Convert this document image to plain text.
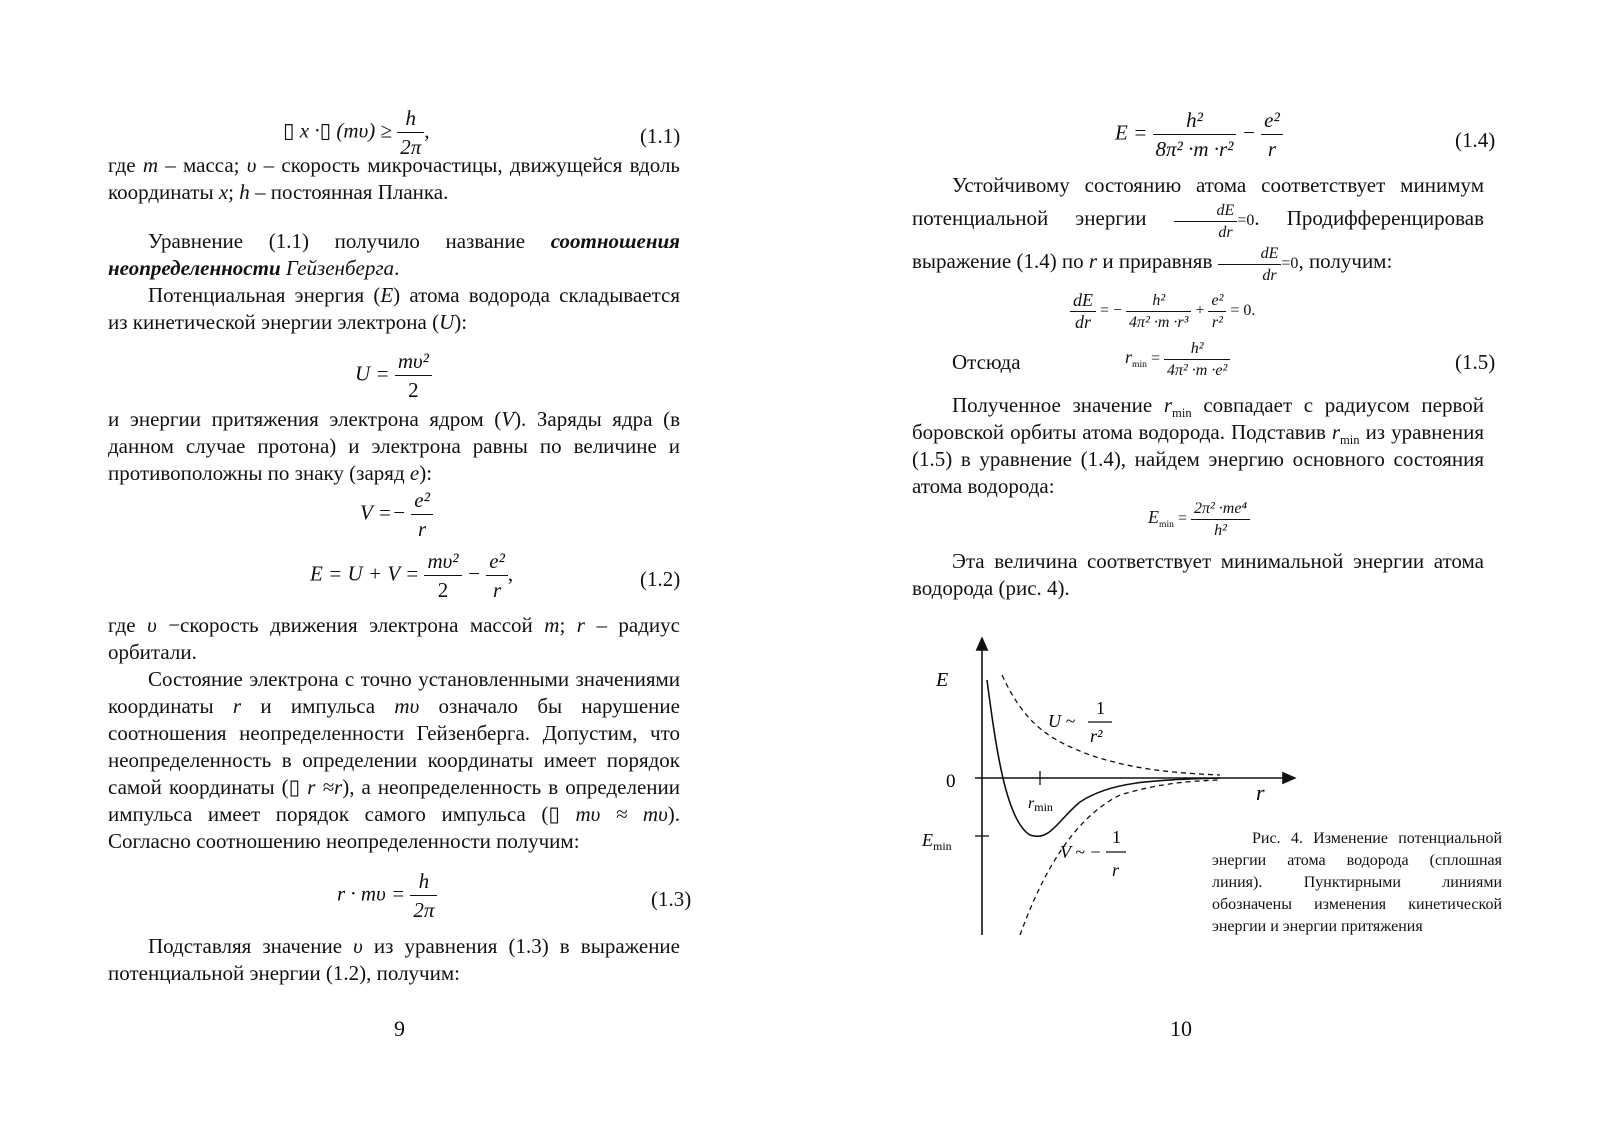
▯ x ·▯ $(m\upsilon) \ge \frac{h}{2\pi}$ ,	(1.1)

где m – масса; υ – скорость микрочастицы, движущейся вдоль координаты x; h – постоянная Планка.

Уравнение (1.1) получило название соотношения неопределенности Гейзенберга.

Потенциальная энергия (E) атома водорода складывается из кинетической энергии электрона (U):

$U = \frac{\text{mυ²}}{2}$

и энергии притяжения электрона ядром (V). Заряды ядра (в данном случае протона) и электрона равны по величине и противоположны по знаку (заряд e):

$V =- \frac{\text{e²}}{r}$
$E = U + V = \frac{\text{mυ²}}{2} - \frac{\text{e²}}{r}$ ,	(1.2)

где υ −скорость движения электрона массой m; r – радиус орбитали.

Состояние электрона с точно установленными значениями координаты r и импульса mυ означало бы нарушение соотношения неопределенности Гейзенберга. Допустим, что неопределенность в определении координаты имеет порядок самой координаты (▯ r ≈r), а неопределенность в определении импульса имеет порядок самого импульса (▯ mυ ≈ mυ). Согласно соотношению неопределенности получим:

$r \cdot m\upsilon = \frac{h}{2\pi}$	(1.3)

Подставляя значение υ из уравнения (1.3) в выражение потенциальной энергии (1.2), получим:

9
$E = \frac{\text{h²}}{\text{8π² ·m ·r²}} - \frac{\text{e²}}{r}$	(1.4)

Устойчивому состоянию атома соответствует минимум потенциальной энергии $\frac{dE}{dr} =0$. Продифференцировав выражение (1.4) по r и приравняв $\frac{dE}{dr} =0$, получим:

$\frac{dE}{dr}$ = − $\frac{\text{h²}}{\text{4π² ·m ·r³}} + \frac{\text{e²}}{\text{r²}} = 0$.
Отсюда	$r_{min} = \frac{\text{h²}}{\text{4π² ·m ·e²}}$	(1.5)

Полученное значение $r_{min}$ совпадает с радиусом первой боровской орбиты атома водорода. Подставив $r_{min}$ из уравнения (1.5) в уравнение (1.4), найдем энергию основного состояния атома водорода:

$E_{min} = \frac{\text{2π² ·me⁴}}{\text{h²}}$

Эта величина соответствует минимальной энергии атома водорода (рис. 4).

E
r
0
rmin
$E_{min}$
U ~
1
r²
V ~ −
1
r
Рис. 4. Изменение потенциальной энергии атома водорода (сплошная линия). Пунктирными линиями обозначены изменения кинетической энергии и энергии притяжения
10
